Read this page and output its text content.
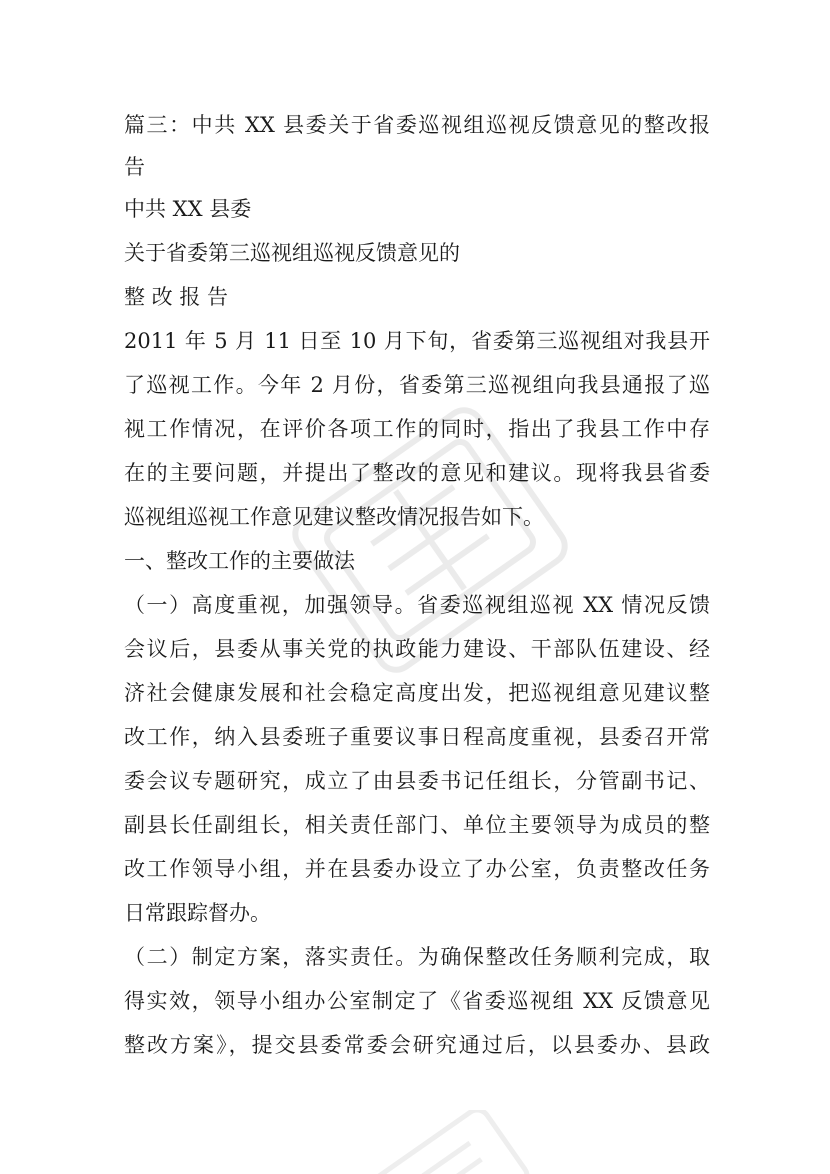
篇三：中共 XX 县委关于省委巡视组巡视反馈意见的整改报
告
中共 XX 县委
关于省委第三巡视组巡视反馈意见的
整 改 报 告
2011 年 5 月 11 日至 10 月下旬，省委第三巡视组对我县开
了巡视工作。今年 2 月份，省委第三巡视组向我县通报了巡
视工作情况，在评价各项工作的同时，指出了我县工作中存
在的主要问题，并提出了整改的意见和建议。现将我县省委
巡视组巡视工作意见建议整改情况报告如下。
一、整改工作的主要做法
（一）高度重视，加强领导。省委巡视组巡视 XX 情况反馈
会议后，县委从事关党的执政能力建设、干部队伍建设、经
济社会健康发展和社会稳定高度出发，把巡视组意见建议整
改工作，纳入县委班子重要议事日程高度重视，县委召开常
委会议专题研究，成立了由县委书记任组长，分管副书记、
副县长任副组长，相关责任部门、单位主要领导为成员的整
改工作领导小组，并在县委办设立了办公室，负责整改任务
日常跟踪督办。
（二）制定方案，落实责任。为确保整改任务顺利完成，取
得实效，领导小组办公室制定了《省委巡视组 XX 反馈意见
整改方案》，提交县委常委会研究通过后，以县委办、县政
